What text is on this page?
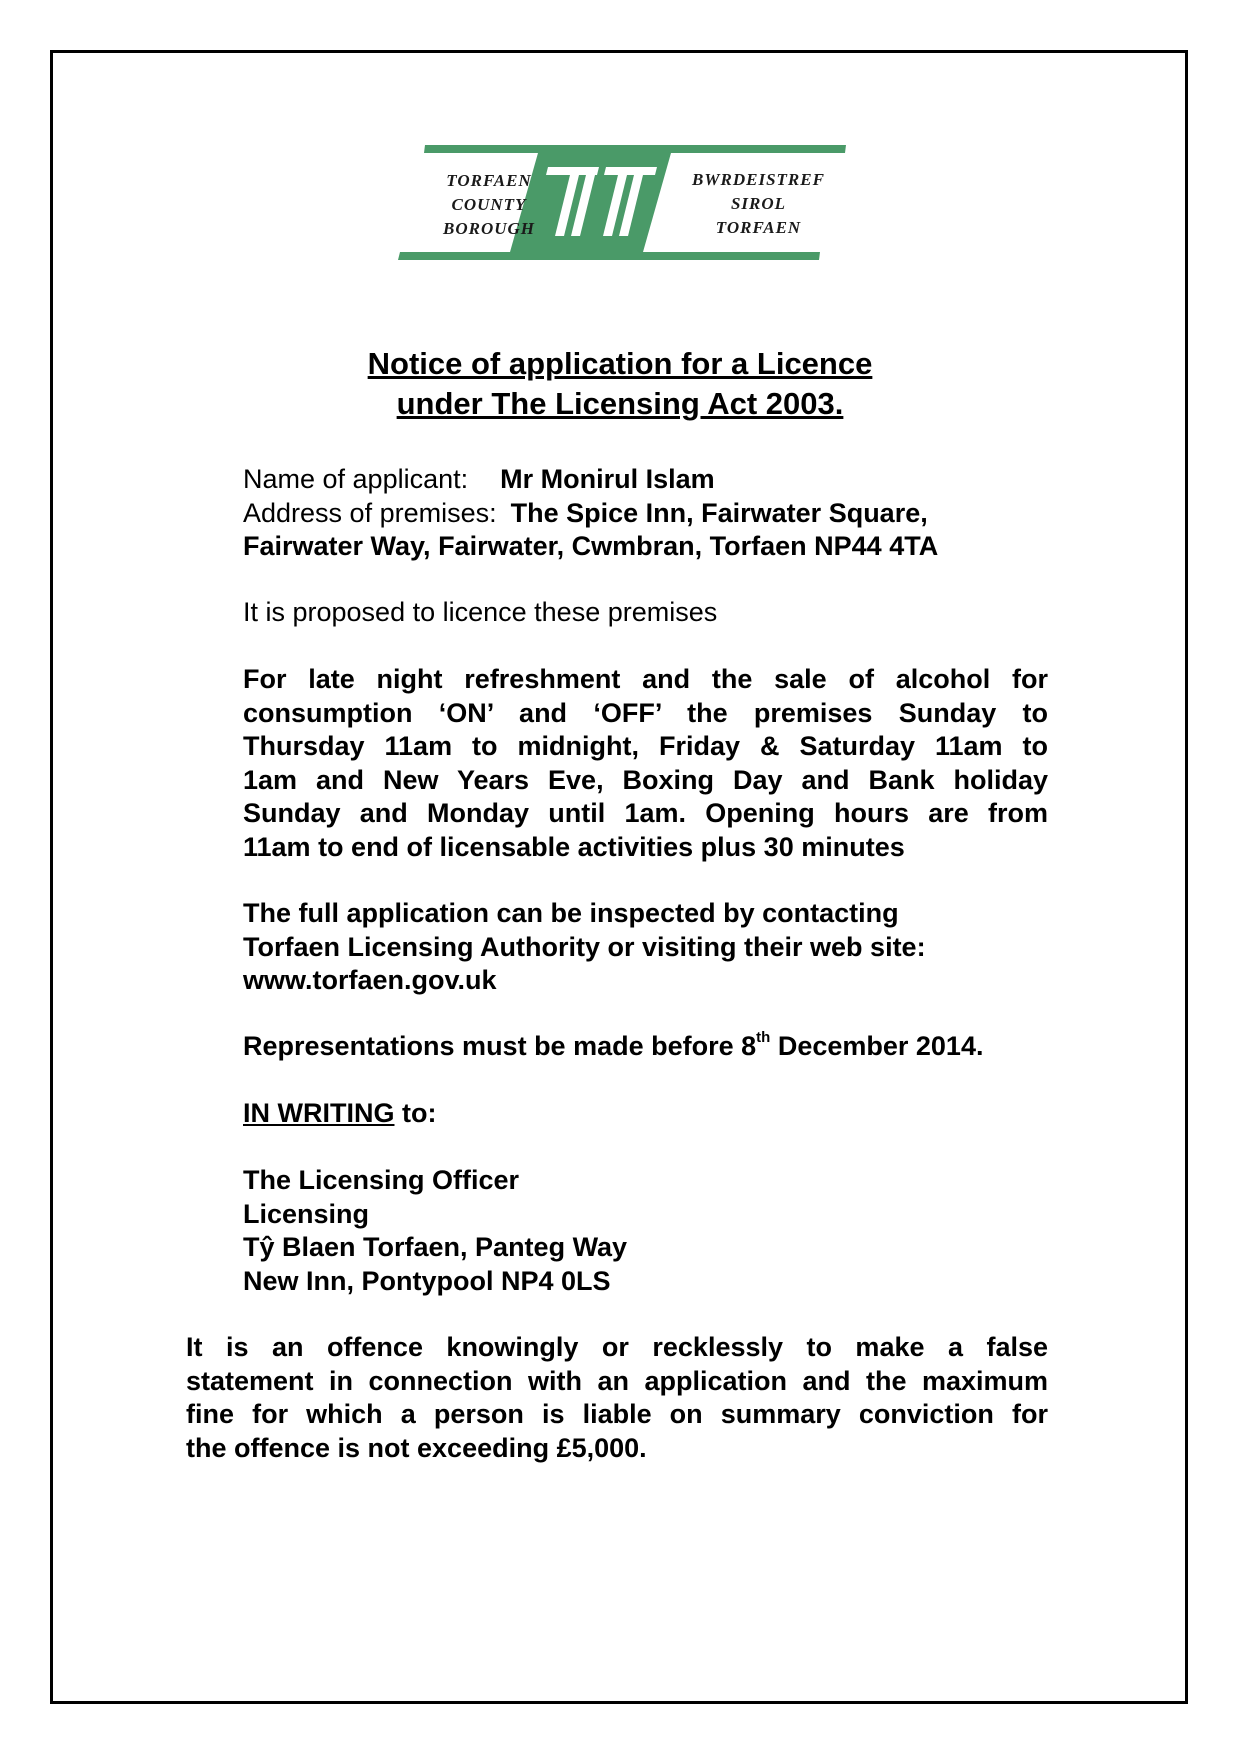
TORFAEN
COUNTY
BOROUGH
BWRDEISTREF
SIROL
TORFAEN
Notice of application for a Licence
under The Licensing Act 2003.
Name of applicant: Mr Monirul Islam
Address of premises: The Spice Inn, Fairwater Square,
Fairwater Way, Fairwater, Cwmbran, Torfaen NP44 4TA
It is proposed to licence these premises
For late night refreshment and the sale of alcohol for
consumption ‘ON’ and ‘OFF’ the premises Sunday to
Thursday 11am to midnight, Friday & Saturday 11am to
1am and New Years Eve, Boxing Day and Bank holiday
Sunday and Monday until 1am. Opening hours are from
11am to end of licensable activities plus 30 minutes
The full application can be inspected by contacting
Torfaen Licensing Authority or visiting their web site:
www.torfaen.gov.uk
Representations must be made before 8th December 2014.
IN WRITING to:
The Licensing Officer
Licensing
Tŷ Blaen Torfaen, Panteg Way
New Inn, Pontypool NP4 0LS
It is an offence knowingly or recklessly to make a false
statement in connection with an application and the maximum
fine for which a person is liable on summary conviction for
the offence is not exceeding £5,000.
